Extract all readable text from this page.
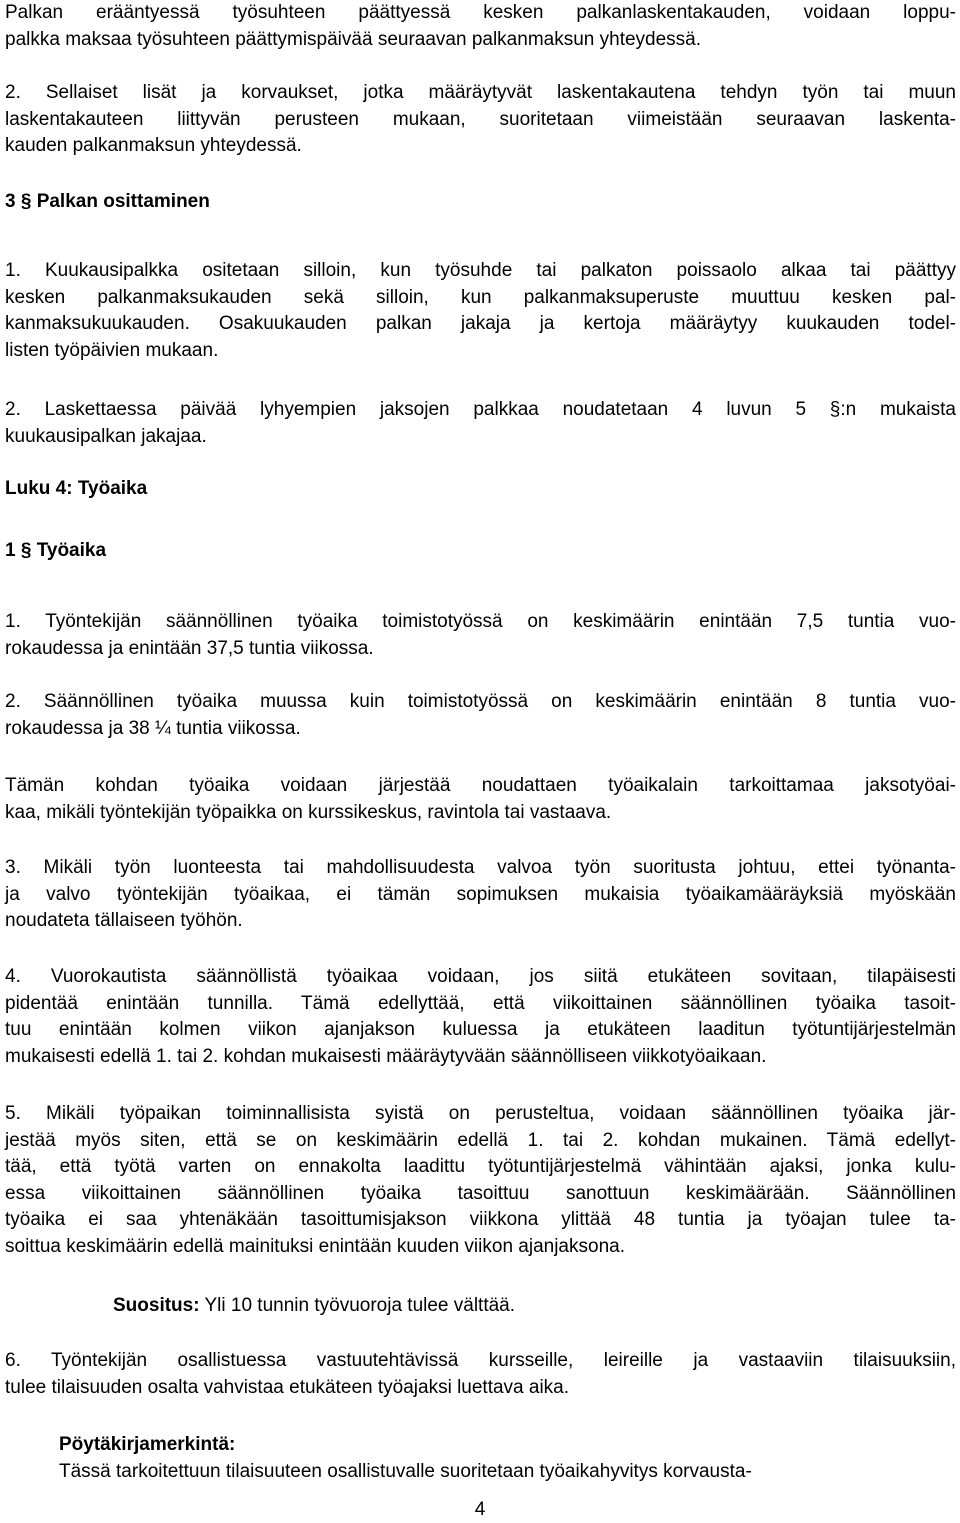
Palkan erääntyessä työsuhteen päättyessä kesken palkanlaskentakauden, voidaan loppu-
palkka maksaa työsuhteen päättymispäivää seuraavan palkanmaksun yhteydessä.
2. Sellaiset lisät ja korvaukset, jotka määräytyvät laskentakautena tehdyn työn tai muun
laskentakauteen liittyvän perusteen mukaan, suoritetaan viimeistään seuraavan laskenta-
kauden palkanmaksun yhteydessä.
3 § Palkan osittaminen
1. Kuukausipalkka ositetaan silloin, kun työsuhde tai palkaton poissaolo alkaa tai päättyy
kesken palkanmaksukauden sekä silloin, kun palkanmaksuperuste muuttuu kesken pal-
kanmaksukuukauden. Osakuukauden palkan jakaja ja kertoja määräytyy kuukauden todel-
listen työpäivien mukaan.
2. Laskettaessa päivää lyhyempien jaksojen palkkaa noudatetaan 4 luvun 5 §:n mukaista
kuukausipalkan jakajaa.
Luku 4: Työaika
1 § Työaika
1. Työntekijän säännöllinen työaika toimistotyössä on keskimäärin enintään 7,5 tuntia vuo-
rokaudessa ja enintään 37,5 tuntia viikossa.
2. Säännöllinen työaika muussa kuin toimistotyössä on keskimäärin enintään 8 tuntia vuo-
rokaudessa ja 38 ¼ tuntia viikossa.
Tämän kohdan työaika voidaan järjestää noudattaen työaikalain tarkoittamaa jaksotyöai-
kaa, mikäli työntekijän työpaikka on kurssikeskus, ravintola tai vastaava.
3. Mikäli työn luonteesta tai mahdollisuudesta valvoa työn suoritusta johtuu, ettei työnanta-
ja valvo työntekijän työaikaa, ei tämän sopimuksen mukaisia työaikamääräyksiä myöskään
noudateta tällaiseen työhön.
4. Vuorokautista säännöllistä työaikaa voidaan, jos siitä etukäteen sovitaan, tilapäisesti
pidentää enintään tunnilla. Tämä edellyttää, että viikoittainen säännöllinen työaika tasoit-
tuu enintään kolmen viikon ajanjakson kuluessa ja etukäteen laaditun työtuntijärjestelmän
mukaisesti edellä 1. tai 2. kohdan mukaisesti määräytyvään säännölliseen viikkotyöaikaan.
5. Mikäli työpaikan toiminnallisista syistä on perusteltua, voidaan säännöllinen työaika jär-
jestää myös siten, että se on keskimäärin edellä 1. tai 2. kohdan mukainen. Tämä edellyt-
tää, että työtä varten on ennakolta laadittu työtuntijärjestelmä vähintään ajaksi, jonka kulu-
essa viikoittainen säännöllinen työaika tasoittuu sanottuun keskimäärään. Säännöllinen
työaika ei saa yhtenäkään tasoittumisjakson viikkona ylittää 48 tuntia ja työajan tulee ta-
soittua keskimäärin edellä mainituksi enintään kuuden viikon ajanjaksona.
Suositus: Yli 10 tunnin työvuoroja tulee välttää.
6. Työntekijän osallistuessa vastuutehtävissä kursseille, leireille ja vastaaviin tilaisuuksiin,
tulee tilaisuuden osalta vahvistaa etukäteen työajaksi luettava aika.
Pöytäkirjamerkintä:
Tässä tarkoitettuun tilaisuuteen osallistuvalle suoritetaan työaikahyvitys korvausta-
4
